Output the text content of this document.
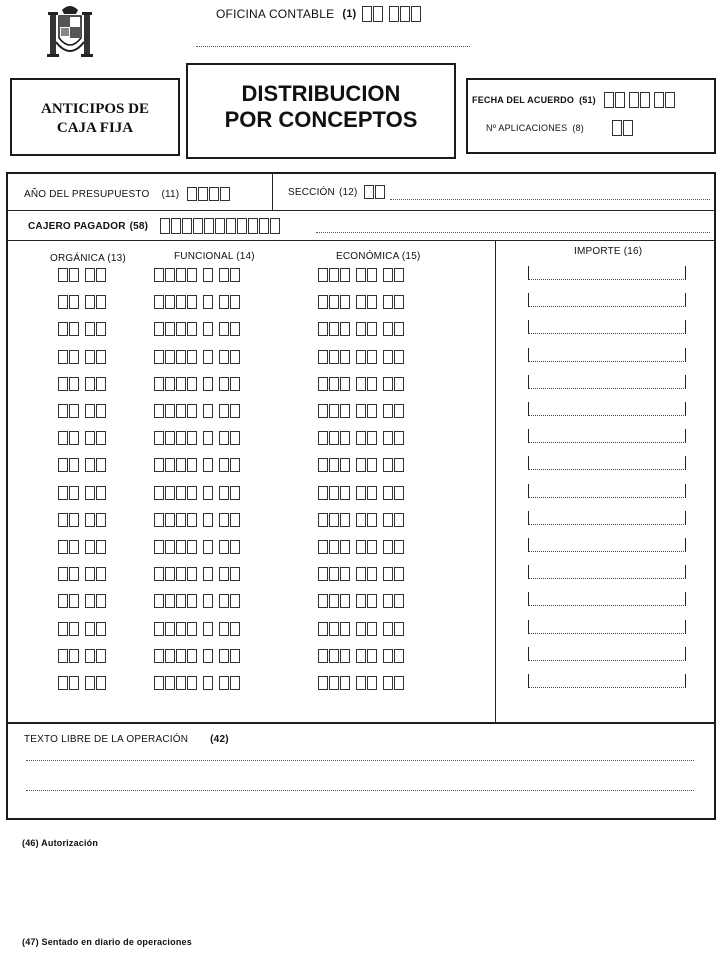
OFICINA CONTABLE (1)
ANTICIPOS DE
CAJA FIJA
DISTRIBUCION
POR CONCEPTOS
FECHA DEL ACUERDO (51)
Nº APLICACIONES (8)
AÑO DEL PRESUPUESTO (11)	SECCIÓN (12)
CAJERO PAGADOR (58)
ORGÁNICA (13)	FUNCIONAL (14)	ECONÓMICA (15)	IMPORTE (16)
TEXTO LIBRE DE LA OPERACIÓN (42)
(46) Autorización
(47) Sentado en diario de operaciones
